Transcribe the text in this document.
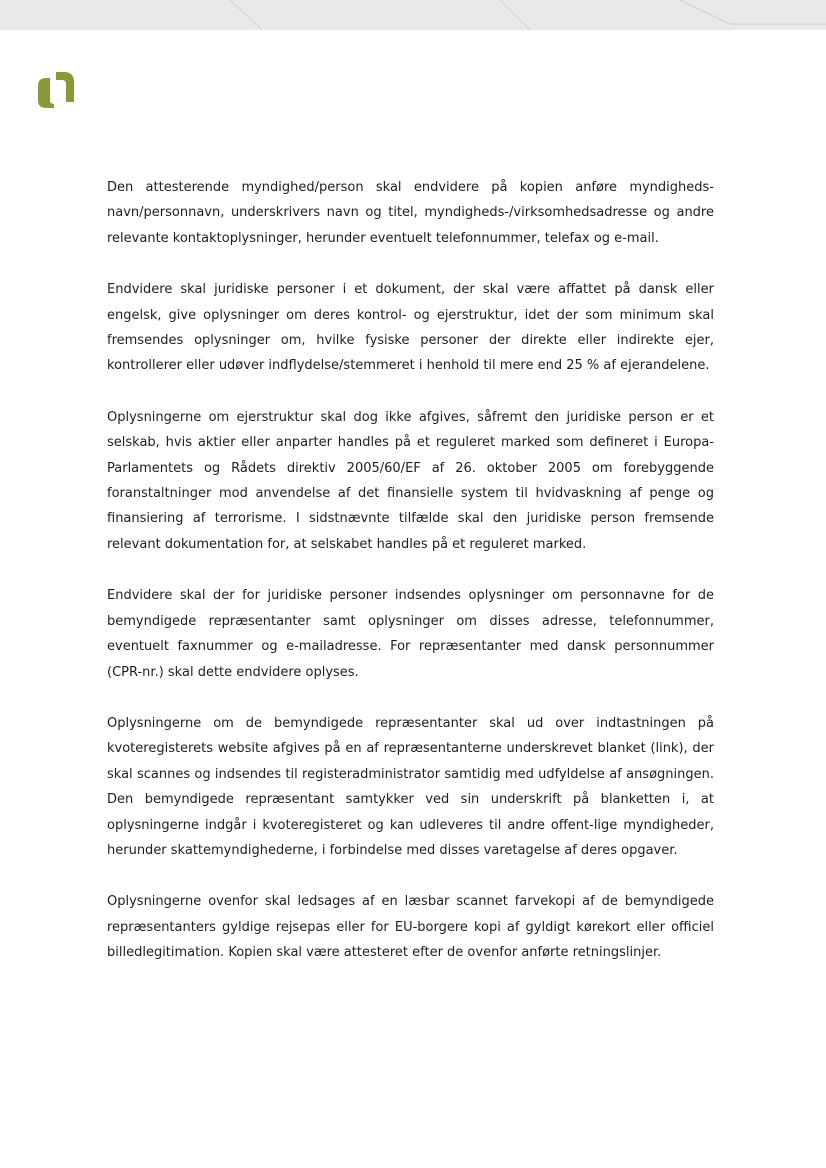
Den attesterende myndighed/person skal endvidere på kopien anføre myndigheds-navn/personnavn, underskrivers navn og titel, myndigheds-/virksomhedsadresse og andre relevante kontaktoplysninger, herunder eventuelt telefonnummer, telefax og e-mail.

Endvidere skal juridiske personer i et dokument, der skal være affattet på dansk eller engelsk, give oplysninger om deres kontrol- og ejerstruktur, idet der som minimum skal fremsendes oplysninger om, hvilke fysiske personer der direkte eller indirekte ejer, kontrollerer eller udøver indflydelse/stemmeret i henhold til mere end 25 % af ejerandelene.

Oplysningerne om ejerstruktur skal dog ikke afgives, såfremt den juridiske person er et selskab, hvis aktier eller anparter handles på et reguleret marked som defineret i Europa-Parlamentets og Rådets direktiv 2005/60/EF af 26. oktober 2005 om forebyggende foranstaltninger mod anvendelse af det finansielle system til hvidvaskning af penge og finansiering af terrorisme. I sidstnævnte tilfælde skal den juridiske person fremsende relevant dokumentation for, at selskabet handles på et reguleret marked.

Endvidere skal der for juridiske personer indsendes oplysninger om personnavne for de bemyndigede repræsentanter samt oplysninger om disses adresse, telefonnummer, eventuelt faxnummer og e-mailadresse. For repræsentanter med dansk personnummer (CPR-nr.) skal dette endvidere oplyses.

Oplysningerne om de bemyndigede repræsentanter skal ud over indtastningen på kvoteregisterets website afgives på en af repræsentanterne underskrevet blanket (link), der skal scannes og indsendes til registeradministrator samtidig med udfyldelse af ansøgningen. Den bemyndigede repræsentant samtykker ved sin underskrift på blanketten i, at oplysningerne indgår i kvoteregisteret og kan udleveres til andre offent-lige myndigheder, herunder skattemyndighederne, i forbindelse med disses varetagelse af deres opgaver.

Oplysningerne ovenfor skal ledsages af en læsbar scannet farvekopi af de bemyndigede repræsentanters gyldige rejsepas eller for EU-borgere kopi af gyldigt kørekort eller officiel billedlegitimation. Kopien skal være attesteret efter de ovenfor anførte retningslinjer.
